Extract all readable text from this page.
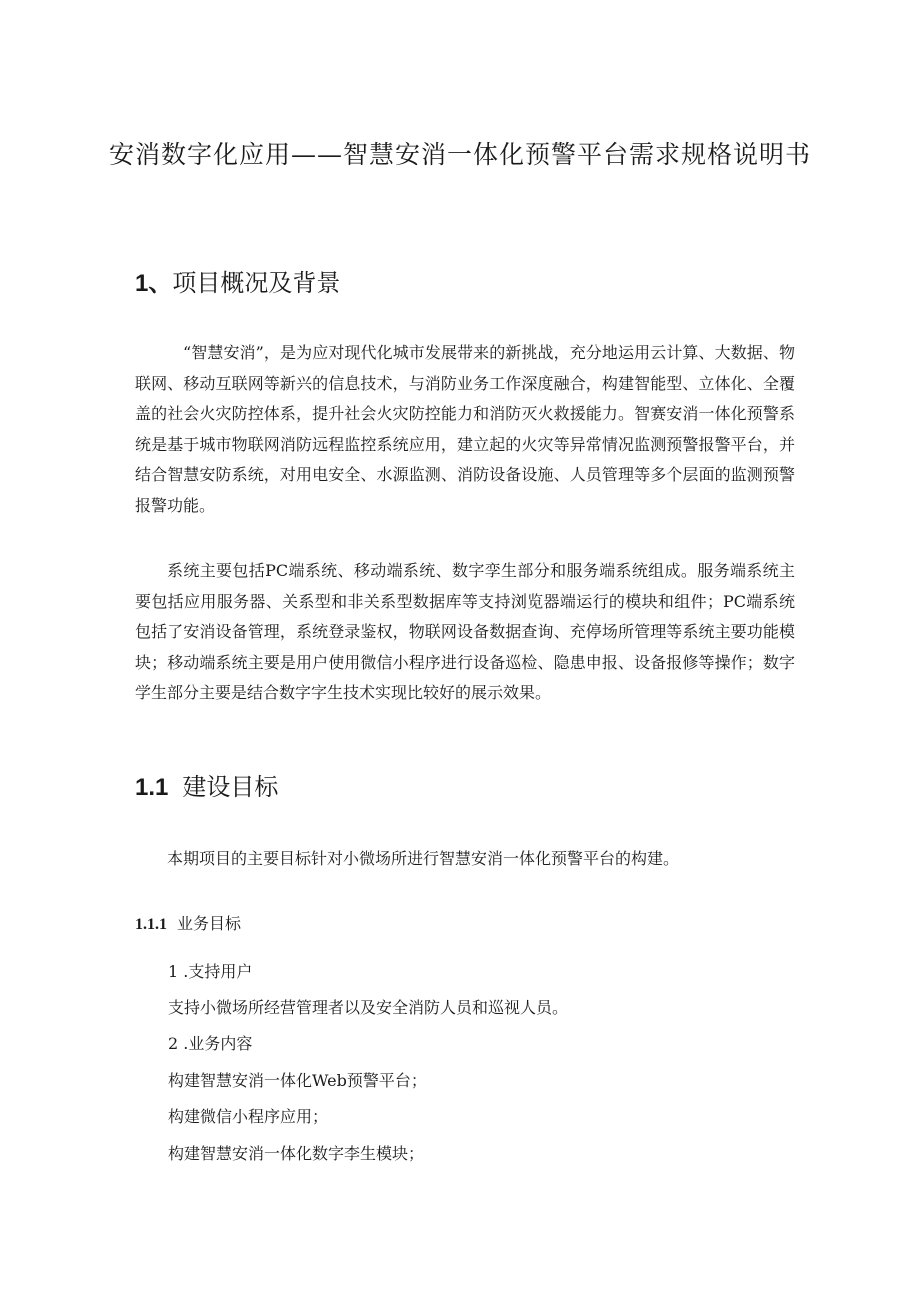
安消数字化应用——智慧安消一体化预警平台需求规格说明书
1、项目概况及背景

“智慧安消”，是为应对现代化城市发展带来的新挑战，充分地运用云计算、大数据、物联网、移动互联网等新兴的信息技术，与消防业务工作深度融合，构建智能型、立体化、全覆盖的社会火灾防控体系，提升社会火灾防控能力和消防灭火救援能力。智赛安消一体化预警系统是基于城市物联网消防远程监控系统应用，建立起的火灾等异常情况监测预警报警平台，并结合智慧安防系统，对用电安全、水源监测、消防设备设施、人员管理等多个层面的监测预警报警功能。

系统主要包括PC端系统、移动端系统、数字孪生部分和服务端系统组成。服务端系统主要包括应用服务器、关系型和非关系型数据库等支持浏览器端运行的模块和组件；PC端系统包括了安消设备管理，系统登录鉴权，物联网设备数据查询、充停场所管理等系统主要功能模块；移动端系统主要是用户使用微信小程序进行设备巡检、隐患申报、设备报修等操作；数字学生部分主要是结合数字字生技术实现比较好的展示效果。

1.1 建设目标

本期项目的主要目标针对小微场所进行智慧安消一体化预警平台的构建。

1.1.1 业务目标
1 .支持用户
支持小微场所经营管理者以及安全消防人员和巡视人员。
2 .业务内容
构建智慧安消一体化Web预警平台；
构建微信小程序应用；
构建智慧安消一体化数字李生模块；
